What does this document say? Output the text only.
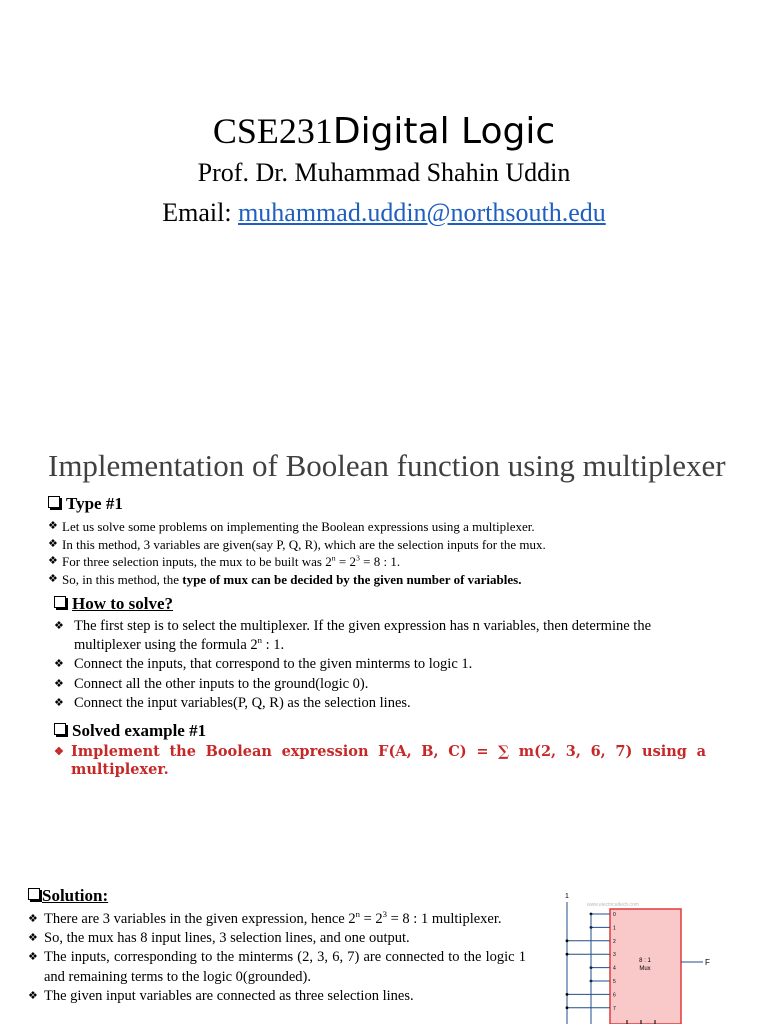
CSE231Digital Logic
Prof. Dr. Muhammad Shahin Uddin
Email: muhammad.uddin@northsouth.edu
Implementation of Boolean function using multiplexer
Type #1
❖ Let us solve some problems on implementing the Boolean expressions using a multiplexer.
❖ In this method, 3 variables are given(say P, Q, R), which are the selection inputs for the mux.
❖ For three selection inputs, the mux to be built was $2^n = 2^3 = 8$ : 1.
❖ So, in this method, the type of mux can be decided by the given number of variables.
How to solve?
❖ The first step is to select the multiplexer. If the given expression has n variables, then determine the multiplexer using the formula 2$^n$ : 1.
❖ Connect the inputs, that correspond to the given minterms to logic 1.
❖ Connect all the other inputs to the ground(logic 0).
❖ Connect the input variables(P, Q, R) as the selection lines.
Solved example #1
❖ Implement the Boolean expression F(A, B, C) = ∑ m(2, 3, 6, 7) using a multiplexer.
Solution:
❖ There are 3 variables in the given expression, hence $2^n = 2^3 = 8$ : 1 multiplexer.
❖ So, the mux has 8 input lines, 3 selection lines, and one output.
❖ The inputs, corresponding to the minterms (2, 3, 6, 7) are connected to the logic 1 and remaining terms to the logic 0(grounded).
❖ The given input variables are connected as three selection lines.
1
www.electricaltech.com
8 : 1
Mux
F
0
1
2
3
4
5
6
7
